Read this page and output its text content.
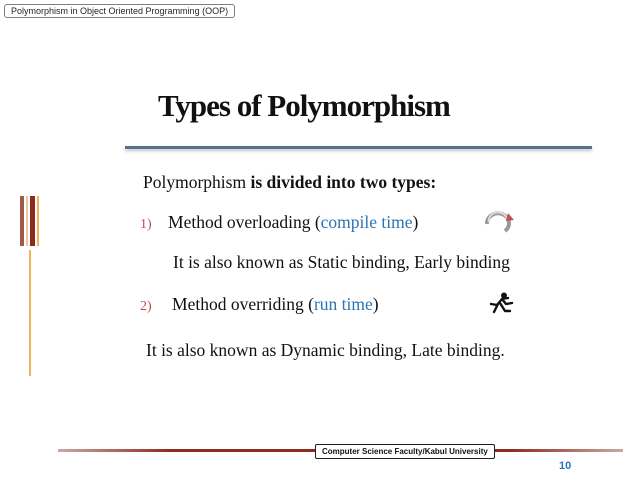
Polymorphism in Object Oriented Programming (OOP)
Types of Polymorphism
Polymorphism is divided into two types:
1) Method overloading (compile time)
It is also known as Static binding, Early binding
2) Method overriding (run time)
It is also known as Dynamic binding, Late binding.
Computer Science Faculty/Kabul University
10
